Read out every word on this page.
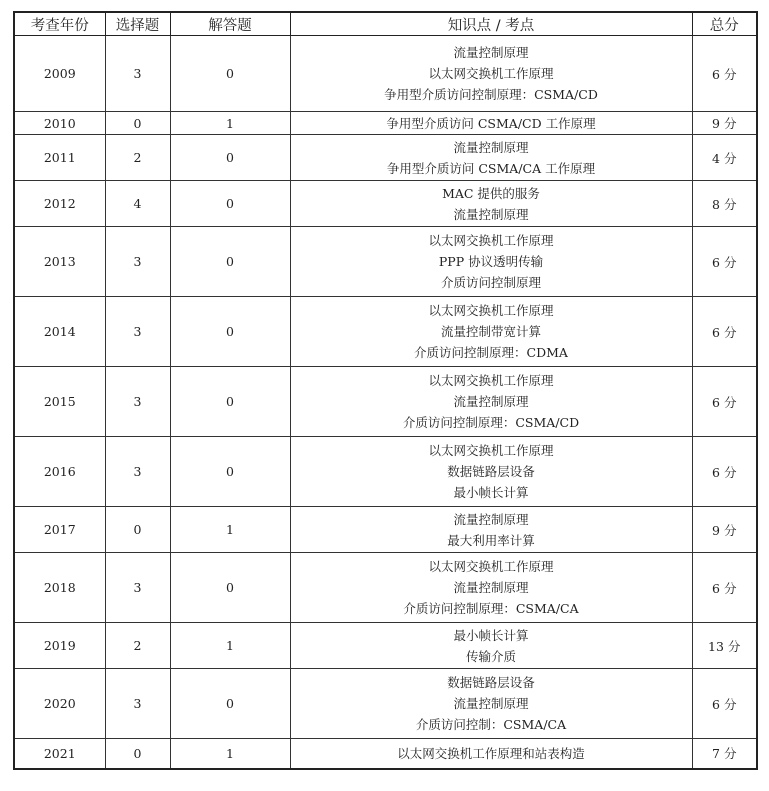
考查年份	选择题	解答题	知识点 / 考点	总分
2009	3	0	流量控制原理
以太网交换机工作原理
争用型介质访问控制原理：CSMA/CD	6 分
2010	0	1	争用型介质访问 CSMA/CD 工作原理	9 分
2011	2	0	流量控制原理
争用型介质访问 CSMA/CA 工作原理	4 分
2012	4	0	MAC 提供的服务
流量控制原理	8 分
2013	3	0	以太网交换机工作原理
PPP 协议透明传输
介质访问控制原理	6 分
2014	3	0	以太网交换机工作原理
流量控制带宽计算
介质访问控制原理：CDMA	6 分
2015	3	0	以太网交换机工作原理
流量控制原理
介质访问控制原理：CSMA/CD	6 分
2016	3	0	以太网交换机工作原理
数据链路层设备
最小帧长计算	6 分
2017	0	1	流量控制原理
最大利用率计算	9 分
2018	3	0	以太网交换机工作原理
流量控制原理
介质访问控制原理：CSMA/CA	6 分
2019	2	1	最小帧长计算
传输介质	13 分
2020	3	0	数据链路层设备
流量控制原理
介质访问控制：CSMA/CA	6 分
2021	0	1	以太网交换机工作原理和站表构造	7 分
